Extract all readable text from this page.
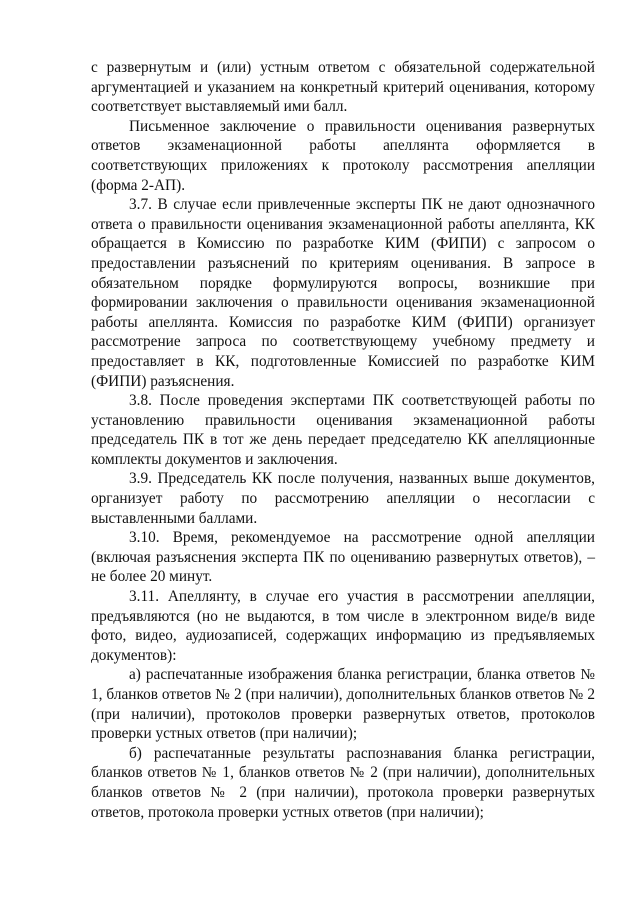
с развернутым и (или) устным ответом с обязательной содержательной аргументацией и указанием на конкретный критерий оценивания, которому соответствует выставляемый ими балл.

Письменное заключение о правильности оценивания развернутых ответов экзаменационной работы апеллянта оформляется в соответствующих приложениях к протоколу рассмотрения апелляции (форма 2-АП).

3.7. В случае если привлеченные эксперты ПК не дают однозначного ответа о правильности оценивания экзаменационной работы апеллянта, КК обращается в Комиссию по разработке КИМ (ФИПИ) с запросом о предоставлении разъяснений по критериям оценивания. В запросе в обязательном порядке формулируются вопросы, возникшие при формировании заключения о правильности оценивания экзаменационной работы апеллянта. Комиссия по разработке КИМ (ФИПИ) организует рассмотрение запроса по соответствующему учебному предмету и предоставляет в КК, подготовленные Комиссией по разработке КИМ (ФИПИ) разъяснения.

3.8. После проведения экспертами ПК соответствующей работы по установлению правильности оценивания экзаменационной работы председатель ПК в тот же день передает председателю КК апелляционные комплекты документов и заключения.

3.9. Председатель КК после получения, названных выше документов, организует работу по рассмотрению апелляции о несогласии с выставленными баллами.

3.10. Время, рекомендуемое на рассмотрение одной апелляции (включая разъяснения эксперта ПК по оцениванию развернутых ответов), – не более 20 минут.

3.11. Апеллянту, в случае его участия в рассмотрении апелляции, предъявляются (но не выдаются, в том числе в электронном виде/в виде фото, видео, аудиозаписей, содержащих информацию из предъявляемых документов):

а) распечатанные изображения бланка регистрации, бланка ответов № 1, бланков ответов № 2 (при наличии), дополнительных бланков ответов № 2 (при наличии), протоколов проверки развернутых ответов, протоколов проверки устных ответов (при наличии);

б) распечатанные результаты распознавания бланка регистрации, бланков ответов № 1, бланков ответов № 2 (при наличии), дополнительных бланков ответов № 2 (при наличии), протокола проверки развернутых ответов, протокола проверки устных ответов (при наличии);
